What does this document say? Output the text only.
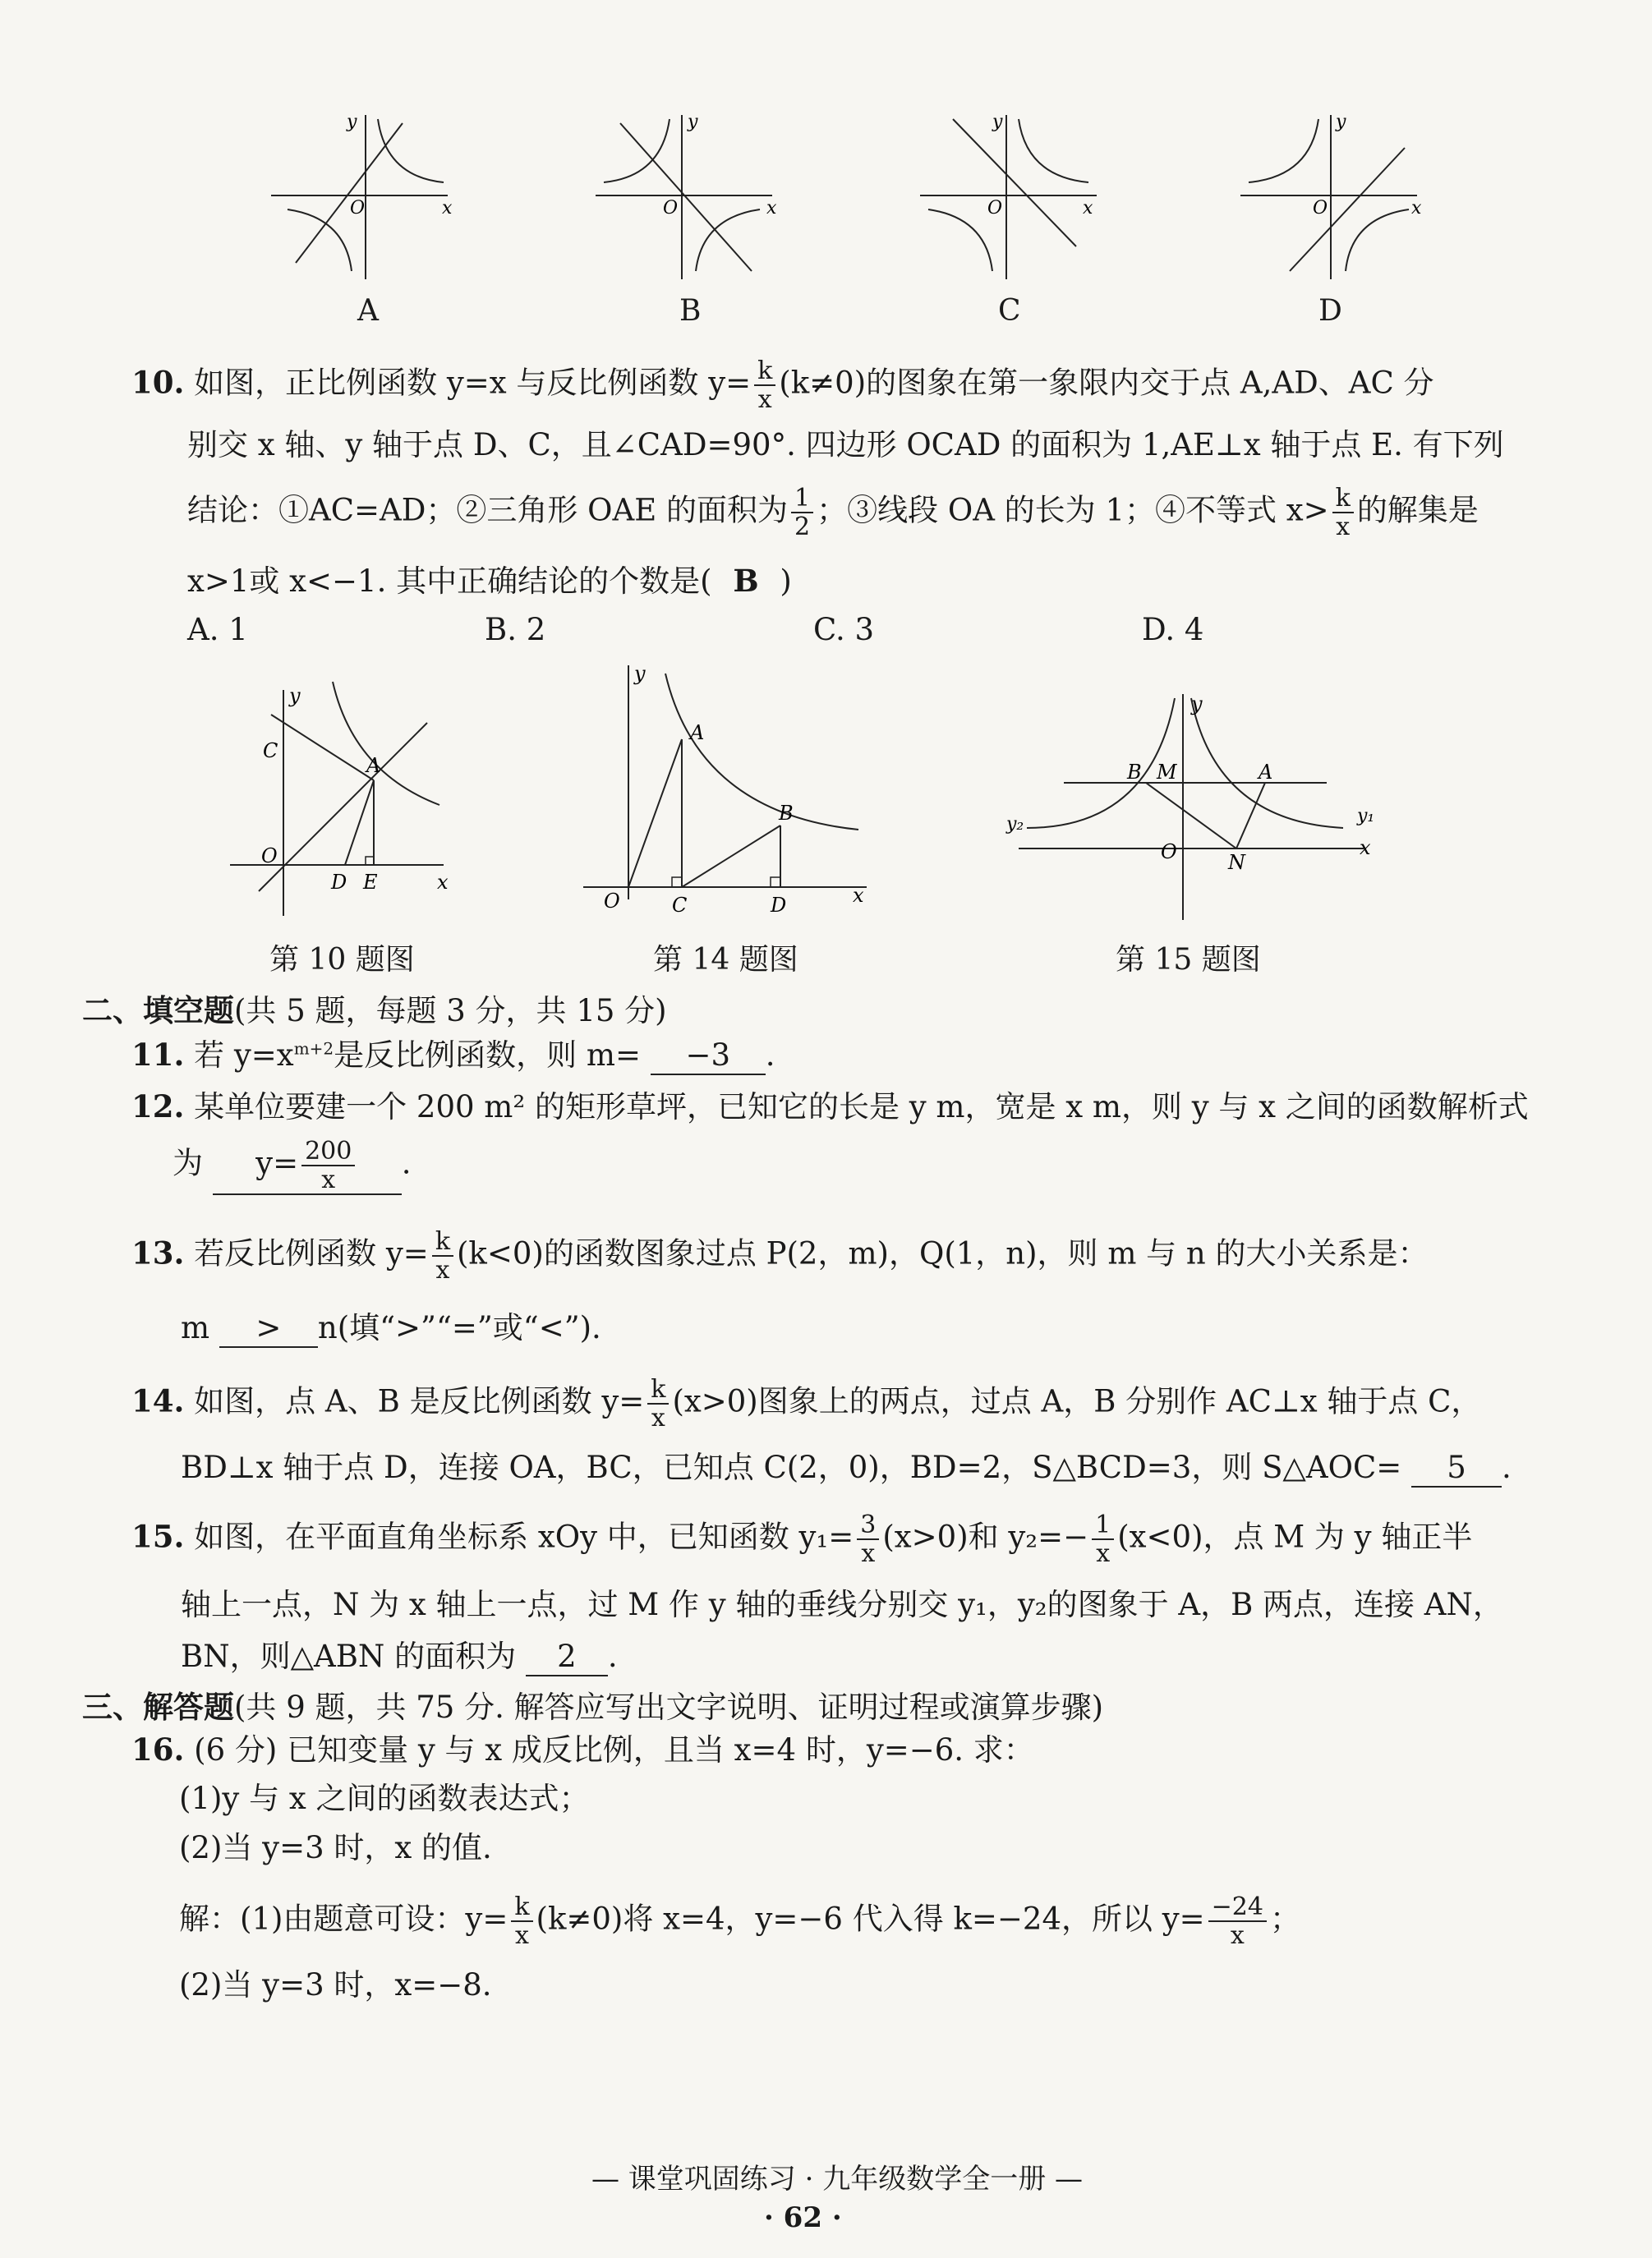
O	x
y
O	x
y
O	x
y
O	x
y
A	B	C	D
10. 如图，正比例函数 y=x 与反比例函数 $y= \frac{k}{x} (k\ne 0)$的图象在第一象限内交于点 A,AD、AC 分
别交 x 轴、y 轴于点 D、C，且∠CAD=90°. 四边形 OCAD 的面积为 1,AE⊥x 轴于点 E. 有下列
结论：①AC=AD；②三角形 OAE 的面积为 $\frac{1}{2}$ ；③线段 OA 的长为 1；④不等式 $x> \frac{k}{x}$ 的解集是
x>1或 x<−1. 其中正确结论的个数是( B )
A. 1	B. 2	C. 3	D. 4
y
x
O
C
A
D E
第 10 题图
y
x
O
A
B
C	D
第 14 题图
y
x
O
B M	A
N
y₁
y₂
第 15 题图
二、填空题(共 5 题，每题 3 分，共 15 分)
11. 若 $y=x^{m+2}$是反比例函数，则 m= −3 .
12. 某单位要建一个 200 m² 的矩形草坪，已知它的长是 y m，宽是 x m，则 y 与 x 之间的函数解析式
为 $y= \frac{200}{x}$ .
13. 若反比例函数 $y= \frac{k}{x} (k<0)$的函数图象过点 P(2，m)，Q(1，n)，则 m 与 n 的大小关系是：
m > n(填“>”“=”或“<”).
14. 如图，点 A、B 是反比例函数 $y= \frac{k}{x} (x>0)$图象上的两点，过点 A，B 分别作 AC⊥x 轴于点 C，
BD⊥x 轴于点 D，连接 OA，BC，已知点 C(2，0)，BD=2，S△BCD=3，则 S△AOC= 5 .
15. 如图，在平面直角坐标系 xOy 中，已知函数 $y_1= \frac{3}{x} (x>0)$和 $y_2=- \frac{1}{x} (x<0)$，点 M 为 y 轴正半
轴上一点，N 为 x 轴上一点，过 M 作 y 轴的垂线分别交 y₁，y₂的图象于 A，B 两点，连接 AN，
BN，则△ABN 的面积为 2 .
三、解答题(共 9 题，共 75 分. 解答应写出文字说明、证明过程或演算步骤)
16. (6 分) 已知变量 y 与 x 成反比例，且当 x=4 时，y=−6. 求：
(1)y 与 x 之间的函数表达式；
(2)当 y=3 时，x 的值.
解：(1)由题意可设：$y= \frac{k}{x} (k\ne 0)$将 x=4，y=−6 代入得 k=−24，所以 $y= \frac{-24}{x}$ ；
(2)当 y=3 时，x=−8.
— 课堂巩固练习 · 九年级数学全一册 —
· 62 ·
